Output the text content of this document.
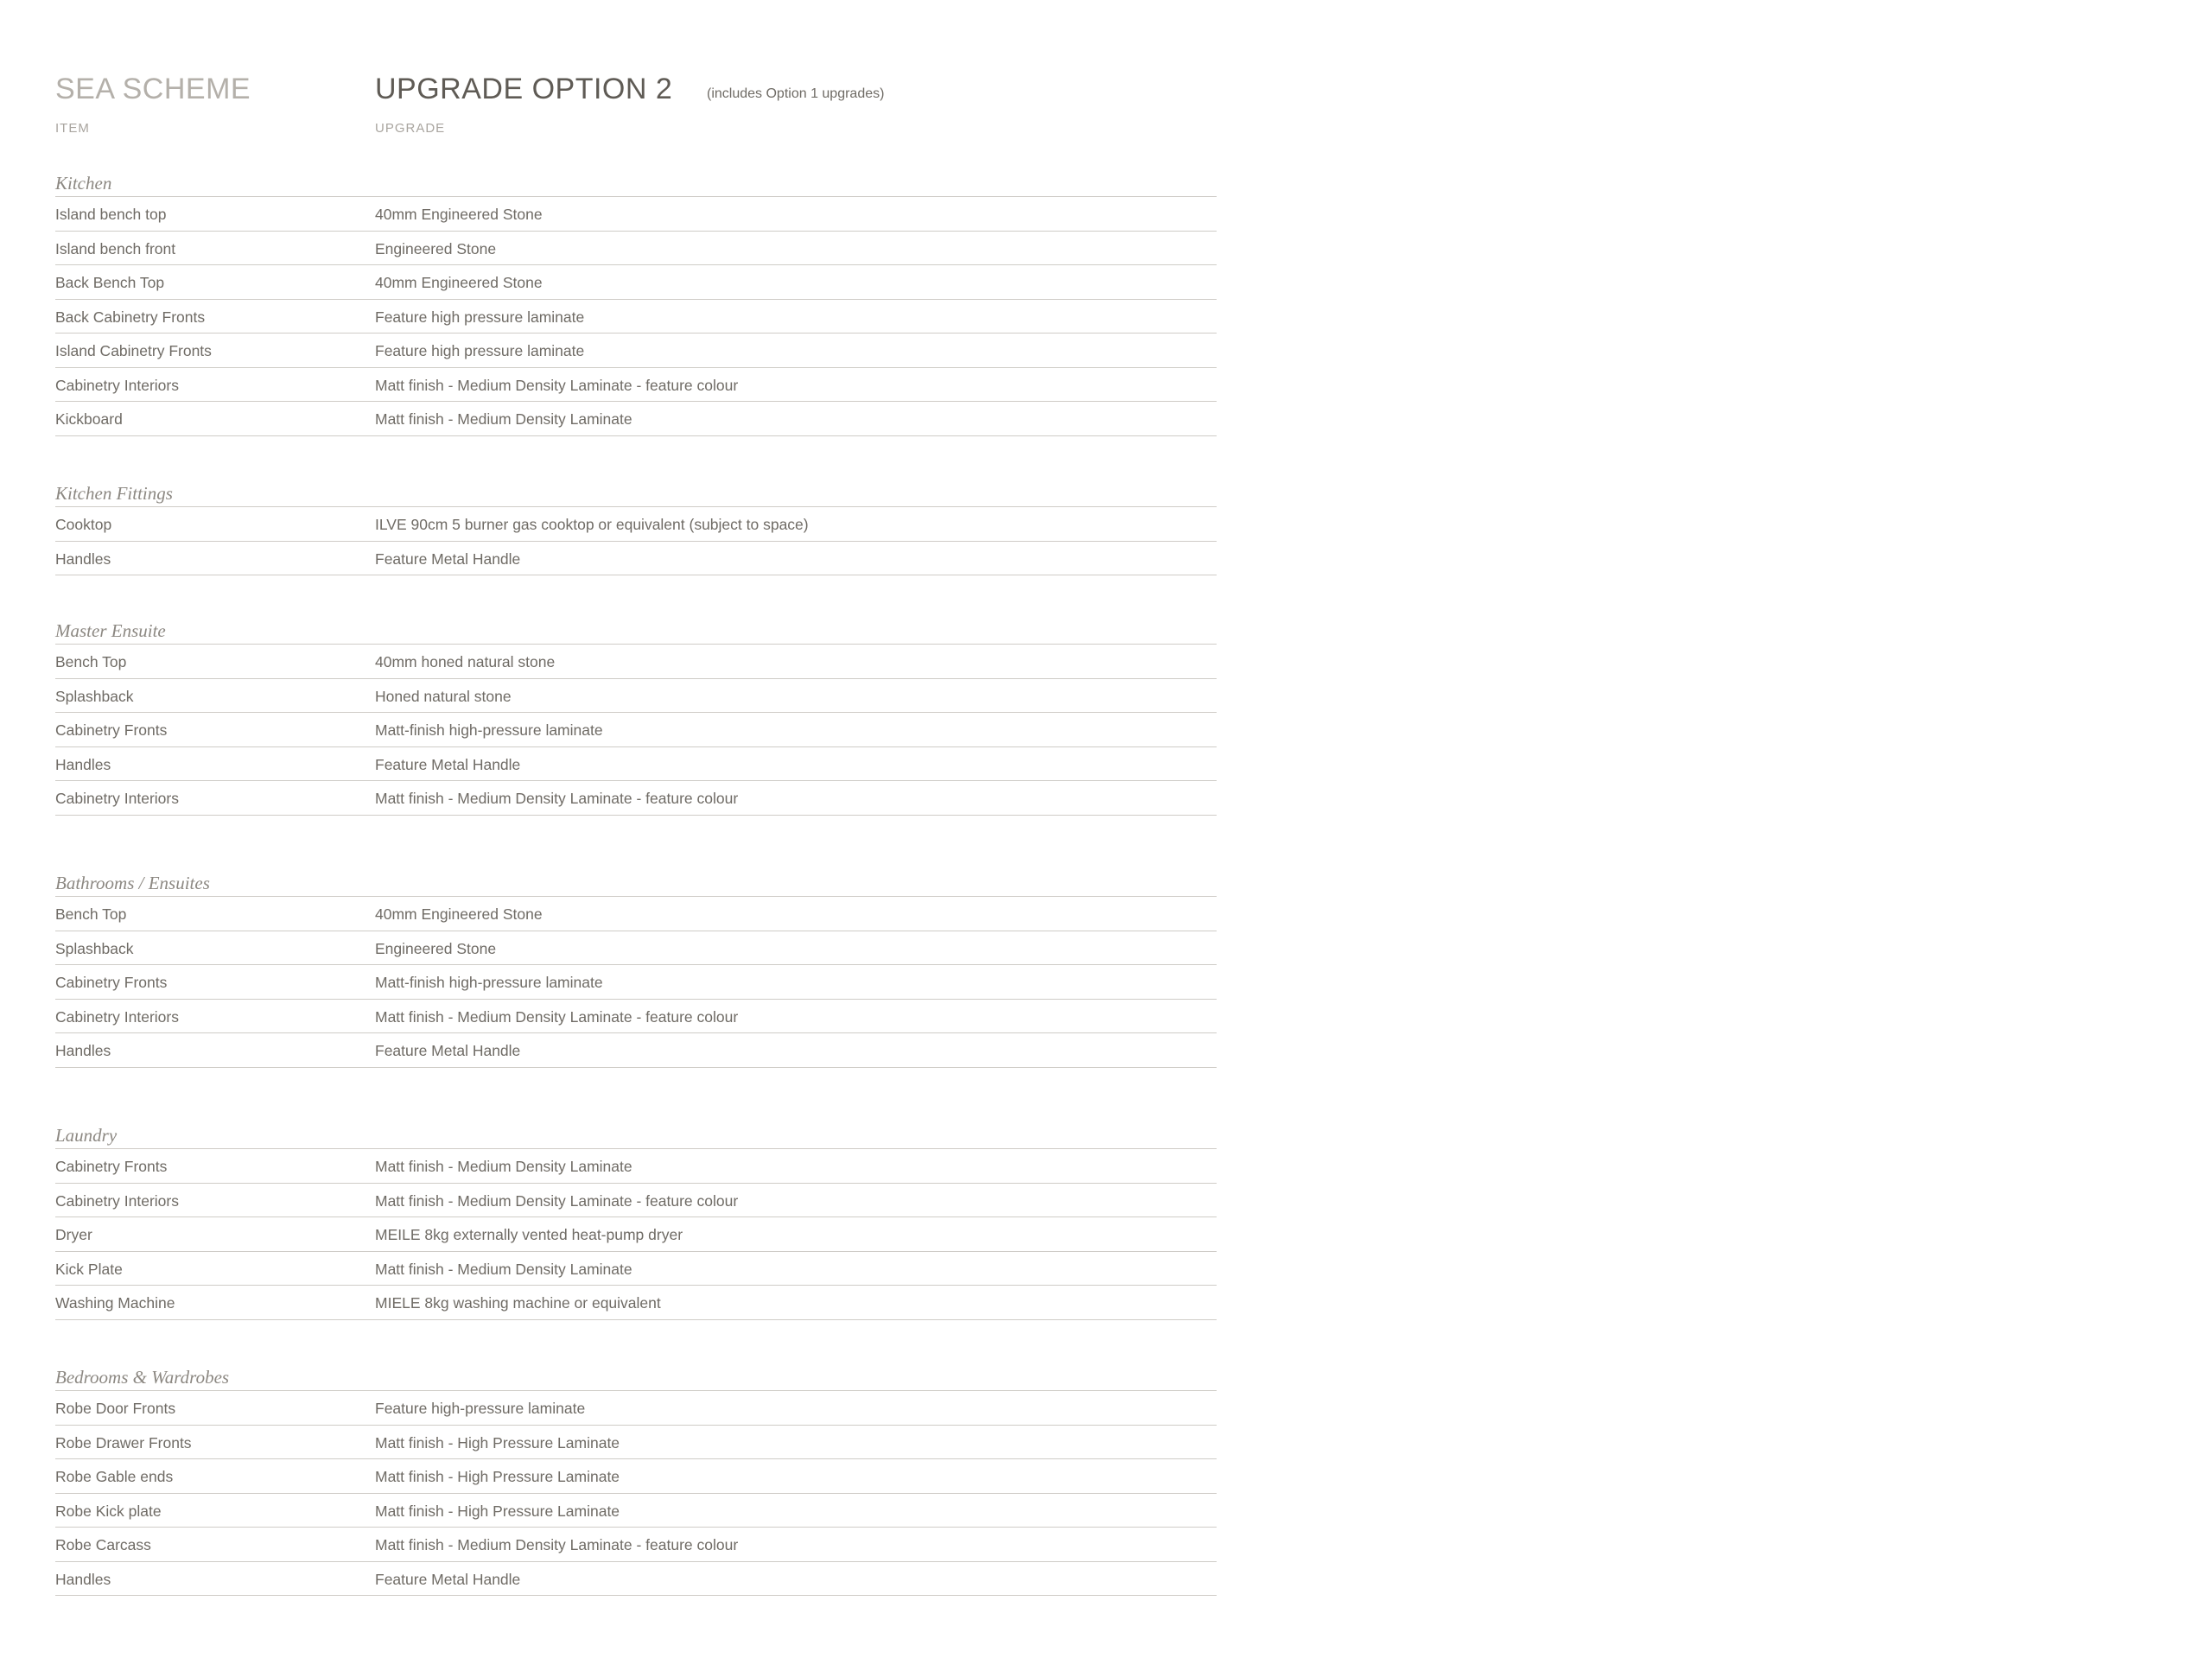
SEA SCHEME	UPGRADE OPTION 2 (includes Option 1 upgrades)
ITEM	UPGRADE
Kitchen
Island bench top	40mm Engineered Stone
Island bench front	Engineered Stone
Back Bench Top	40mm Engineered Stone
Back Cabinetry Fronts	Feature high pressure laminate
Island Cabinetry Fronts	Feature high pressure laminate
Cabinetry Interiors	Matt finish - Medium Density Laminate - feature colour
Kickboard	Matt finish - Medium Density Laminate
Kitchen Fittings
Cooktop	ILVE 90cm 5 burner gas cooktop or equivalent (subject to space)
Handles	Feature Metal Handle
Master Ensuite
Bench Top	40mm honed natural stone
Splashback	Honed natural stone
Cabinetry Fronts	Matt-finish high-pressure laminate
Handles	Feature Metal Handle
Cabinetry Interiors	Matt finish - Medium Density Laminate - feature colour
Bathrooms / Ensuites
Bench Top	40mm Engineered Stone
Splashback	Engineered Stone
Cabinetry Fronts	Matt-finish high-pressure laminate
Cabinetry Interiors	Matt finish - Medium Density Laminate - feature colour
Handles	Feature Metal Handle
Laundry
Cabinetry Fronts	Matt finish - Medium Density Laminate
Cabinetry Interiors	Matt finish - Medium Density Laminate - feature colour
Dryer	MEILE 8kg externally vented heat-pump dryer
Kick Plate	Matt finish - Medium Density Laminate
Washing Machine	MIELE 8kg washing machine or equivalent
Bedrooms & Wardrobes
Robe Door Fronts	Feature high-pressure laminate
Robe Drawer Fronts	Matt finish - High Pressure Laminate
Robe Gable ends	Matt finish - High Pressure Laminate
Robe Kick plate	Matt finish - High Pressure Laminate
Robe Carcass	Matt finish - Medium Density Laminate - feature colour
Handles	Feature Metal Handle
